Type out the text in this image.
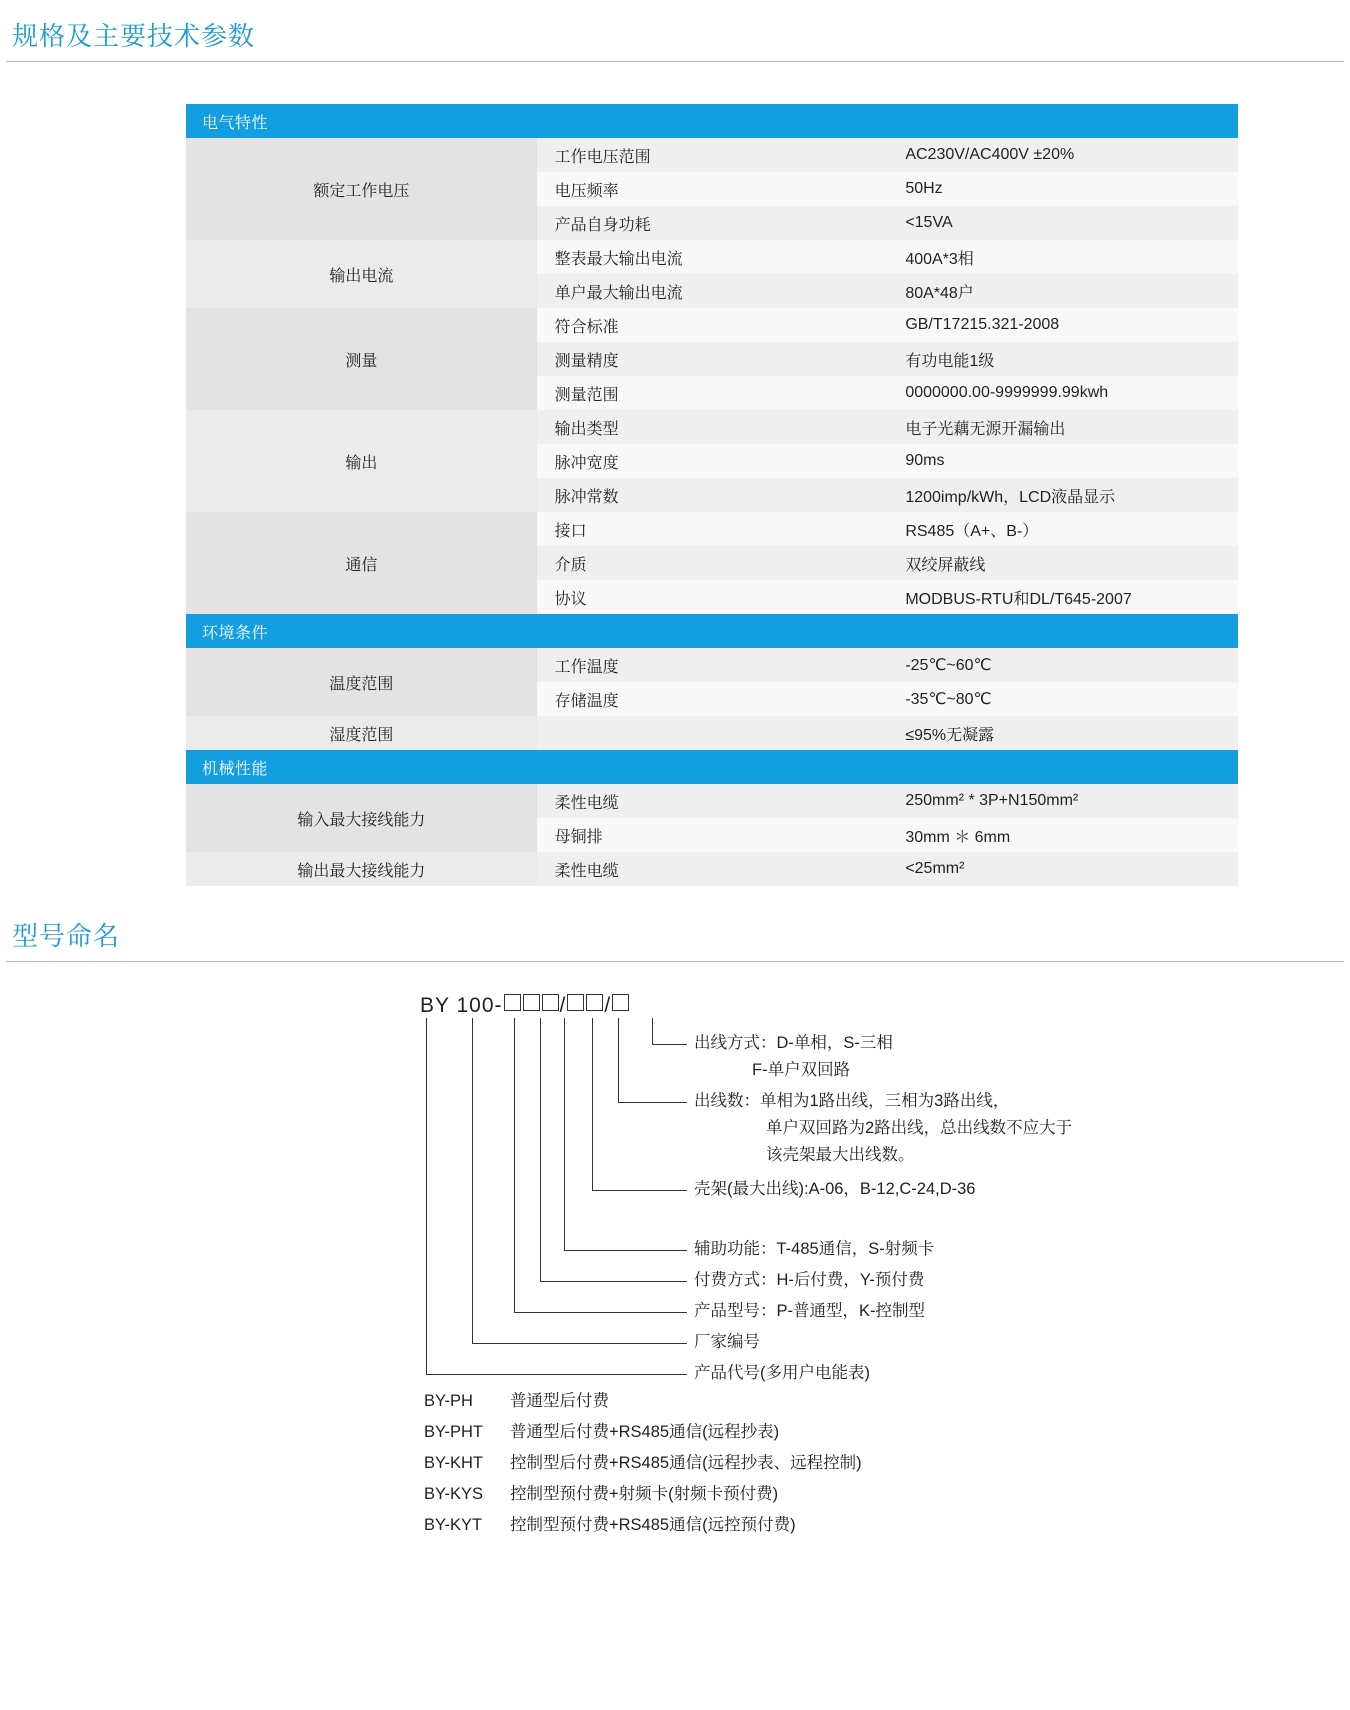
规格及主要技术参数
电气特性		
额定工作电压	工作电压范围	AC230V/AC400V ±20%
	电压频率	50Hz
	产品自身功耗	<15VA
输出电流	整表最大输出电流	400A*3相
	单户最大输出电流	80A*48户
测量	符合标准	GB/T17215.321-2008
	测量精度	有功电能1级
	测量范围	0000000.00-9999999.99kwh
输出	输出类型	电子光藕无源开漏输出
	脉冲宽度	90ms
	脉冲常数	1200imp/kWh，LCD液晶显示
通信	接口	RS485（A+、B-）
	介质	双绞屏蔽线
	协议	MODBUS-RTU和DL/T645-2007
环境条件		
温度范围	工作温度	-25℃~60℃
	存储温度	-35℃~80℃
湿度范围		≤95%无凝露
机械性能		
输入最大接线能力	柔性电缆	250mm² * 3P+N150mm²
	母铜排	30mm ＊ 6mm
输出最大接线能力	柔性电缆	<25mm²
型号命名
BY 100-	/ /
出线方式：D-单相，S-三相
F-单户双回路
出线数：单相为1路出线，三相为3路出线，
单户双回路为2路出线，总出线数不应大于
该壳架最大出线数。
壳架(最大出线):A-06，B-12,C-24,D-36
辅助功能：T-485通信，S-射频卡
付费方式：H-后付费，Y-预付费
产品型号：P-普通型，K-控制型
厂家编号
产品代号(多用户电能表)
BY-PH 普通型后付费
BY-PHT 普通型后付费+RS485通信(远程抄表)
BY-KHT 控制型后付费+RS485通信(远程抄表、远程控制)
BY-KYS 控制型预付费+射频卡(射频卡预付费)
BY-KYT 控制型预付费+RS485通信(远控预付费)
